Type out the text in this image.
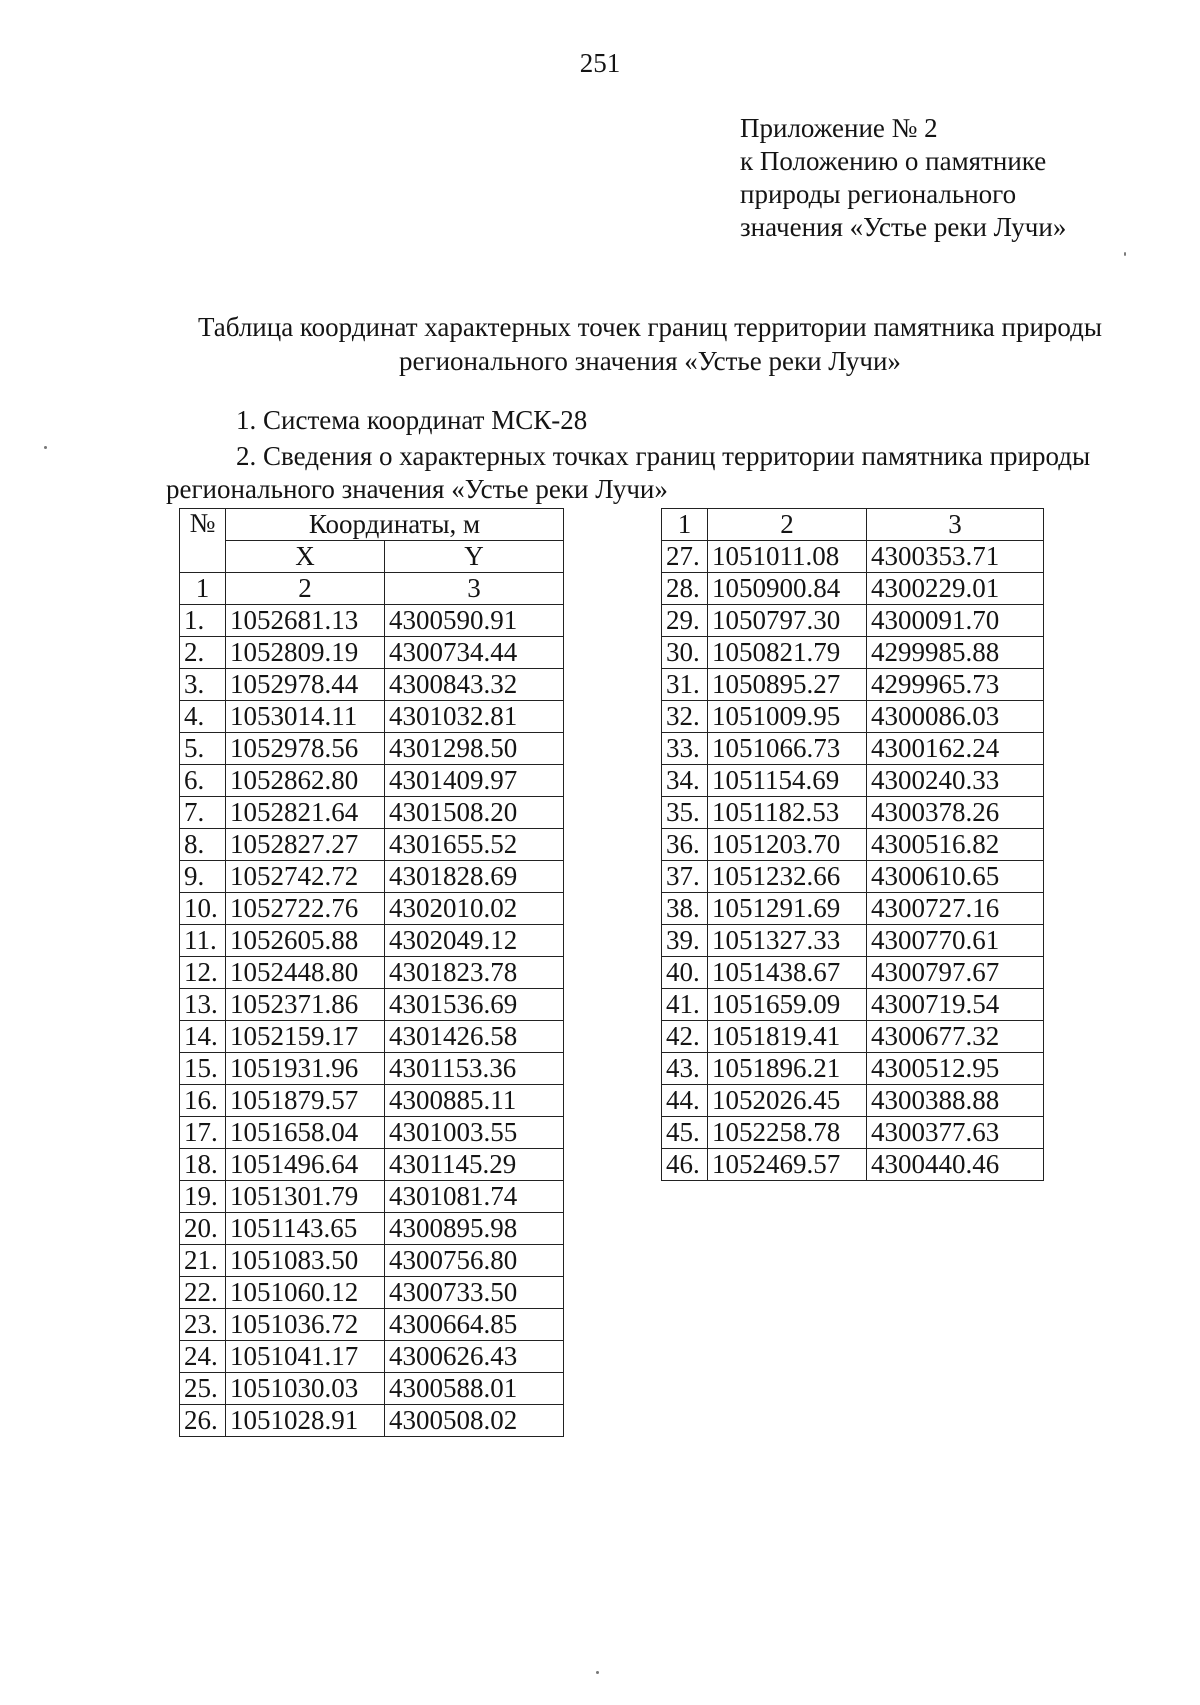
251
Приложение № 2
к Положению о памятнике
природы регионального
значения «Устье реки Лучи»
Таблица координат характерных точек границ территории памятника природы
регионального значения «Устье реки Лучи»
1. Система координат МСК-28
2. Сведения о характерных точках границ территории памятника природы
регионального значения «Устье реки Лучи»
№	Координаты, м	
	X	Y
1	2	3
1.	1052681.13	4300590.91
2.	1052809.19	4300734.44
3.	1052978.44	4300843.32
4.	1053014.11	4301032.81
5.	1052978.56	4301298.50
6.	1052862.80	4301409.97
7.	1052821.64	4301508.20
8.	1052827.27	4301655.52
9.	1052742.72	4301828.69
10.	1052722.76	4302010.02
11.	1052605.88	4302049.12
12.	1052448.80	4301823.78
13.	1052371.86	4301536.69
14.	1052159.17	4301426.58
15.	1051931.96	4301153.36
16.	1051879.57	4300885.11
17.	1051658.04	4301003.55
18.	1051496.64	4301145.29
19.	1051301.79	4301081.74
20.	1051143.65	4300895.98
21.	1051083.50	4300756.80
22.	1051060.12	4300733.50
23.	1051036.72	4300664.85
24.	1051041.17	4300626.43
25.	1051030.03	4300588.01
26.	1051028.91	4300508.02
1	2	3
27.	1051011.08	4300353.71
28.	1050900.84	4300229.01
29.	1050797.30	4300091.70
30.	1050821.79	4299985.88
31.	1050895.27	4299965.73
32.	1051009.95	4300086.03
33.	1051066.73	4300162.24
34.	1051154.69	4300240.33
35.	1051182.53	4300378.26
36.	1051203.70	4300516.82
37.	1051232.66	4300610.65
38.	1051291.69	4300727.16
39.	1051327.33	4300770.61
40.	1051438.67	4300797.67
41.	1051659.09	4300719.54
42.	1051819.41	4300677.32
43.	1051896.21	4300512.95
44.	1052026.45	4300388.88
45.	1052258.78	4300377.63
46.	1052469.57	4300440.46
